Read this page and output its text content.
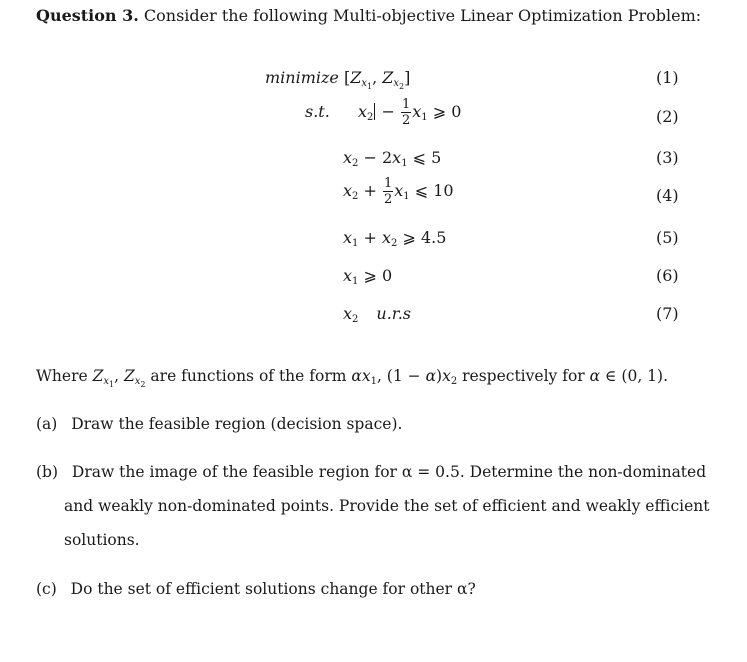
Question 3. Consider the following Multi-objective Linear Optimization Problem:
minimize [$Z_{x_1}$, $Z_{x_2}$]	(1)
s.t. $x_2 - \frac{1}{2} x_1$ ⩾ 0	(2)
$x_2 - 2x_1$ ⩽ 5	(3)
$x_2 + \frac{1}{2} x_1$ ⩽ 10	(4)
$x_1 + x_2$ ⩾ 4.5	(5)
$x_1$ ⩾ 0	(6)
$x_2$ u.r.s	(7)
Where $Z_{x_1}$, $Z_{x_2}$ are functions of the form $\alpha x_1$, $(1 - \alpha)x_2$ respectively for α ∈ (0, 1).
(a) Draw the feasible region (decision space).
(b) Draw the image of the feasible region for α = 0.5. Determine the non-dominated
and weakly non-dominated points. Provide the set of efficient and weakly efficient
solutions.
(c) Do the set of efficient solutions change for other α?
